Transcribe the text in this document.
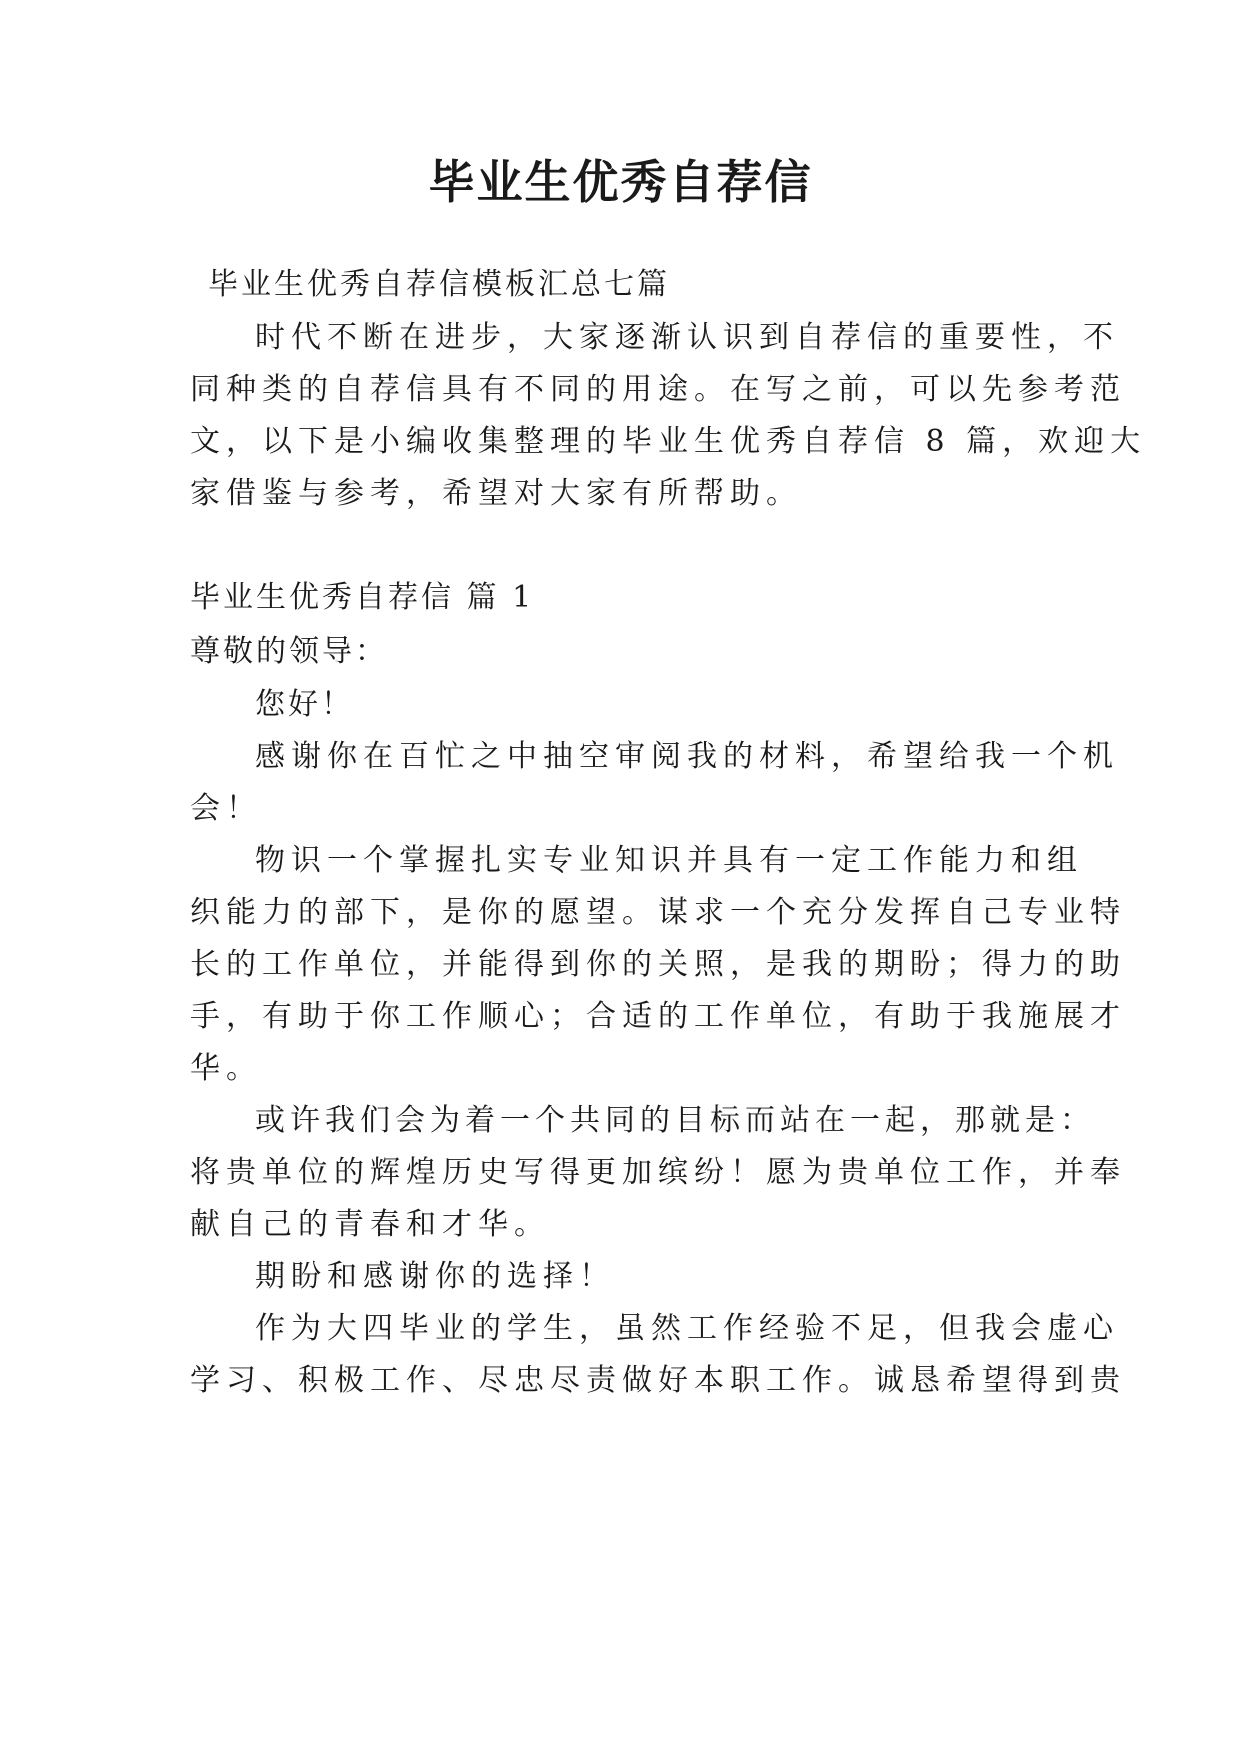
毕业生优秀自荐信

毕业生优秀自荐信模板汇总七篇

时代不断在进步，大家逐渐认识到自荐信的重要性，不

同种类的自荐信具有不同的用途。在写之前，可以先参考范

文，以下是小编收集整理的毕业生优秀自荐信 8 篇，欢迎大

家借鉴与参考，希望对大家有所帮助。

毕业生优秀自荐信 篇 1

尊敬的领导：

您好！

感谢你在百忙之中抽空审阅我的材料，希望给我一个机

会！

物识一个掌握扎实专业知识并具有一定工作能力和组

织能力的部下，是你的愿望。谋求一个充分发挥自己专业特

长的工作单位，并能得到你的关照，是我的期盼；得力的助

手，有助于你工作顺心；合适的工作单位，有助于我施展才

华。

或许我们会为着一个共同的目标而站在一起，那就是：

将贵单位的辉煌历史写得更加缤纷！愿为贵单位工作，并奉

献自己的青春和才华。

期盼和感谢你的选择！

作为大四毕业的学生，虽然工作经验不足，但我会虚心

学习、积极工作、尽忠尽责做好本职工作。诚恳希望得到贵
